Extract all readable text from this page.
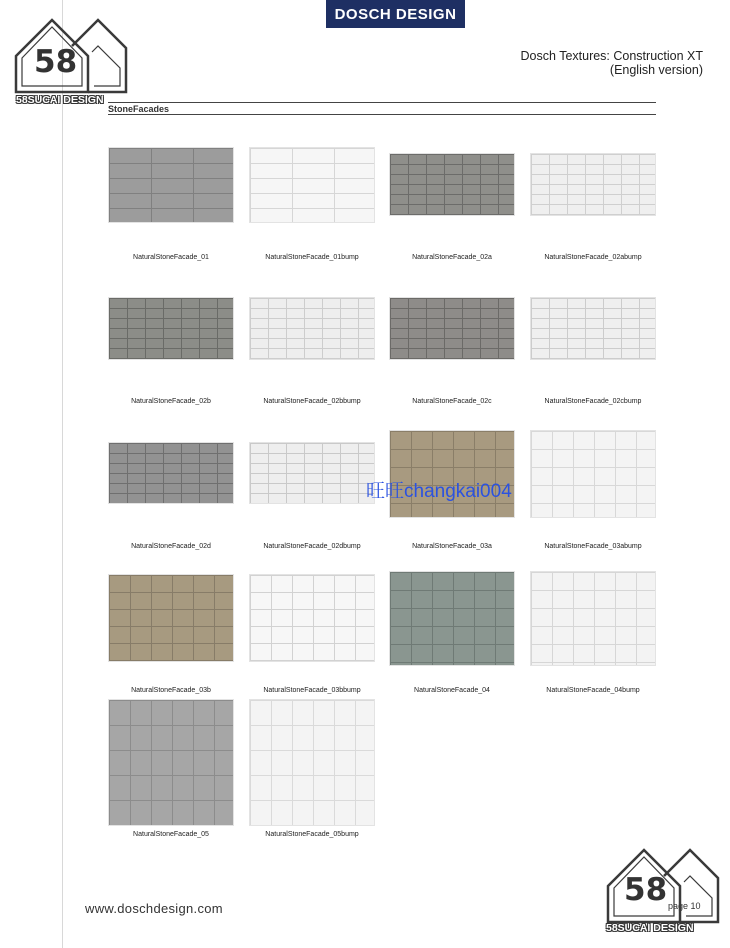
DOSCH DESIGN
Dosch Textures: Construction XT
(English version)
58
58SUCAI DESIGN
StoneFacades
NaturalStoneFacade_01	NaturalStoneFacade_01bump	NaturalStoneFacade_02a	NaturalStoneFacade_02abump
NaturalStoneFacade_02b	NaturalStoneFacade_02bbump	NaturalStoneFacade_02c	NaturalStoneFacade_02cbump
NaturalStoneFacade_02d	NaturalStoneFacade_02dbump	NaturalStoneFacade_03a	NaturalStoneFacade_03abump
NaturalStoneFacade_03b	NaturalStoneFacade_03bbump	NaturalStoneFacade_04	NaturalStoneFacade_04bump
NaturalStoneFacade_05	NaturalStoneFacade_05bump
旺旺changkai004
www.doschdesign.com	page 10
58
58SUCAI DESIGN
